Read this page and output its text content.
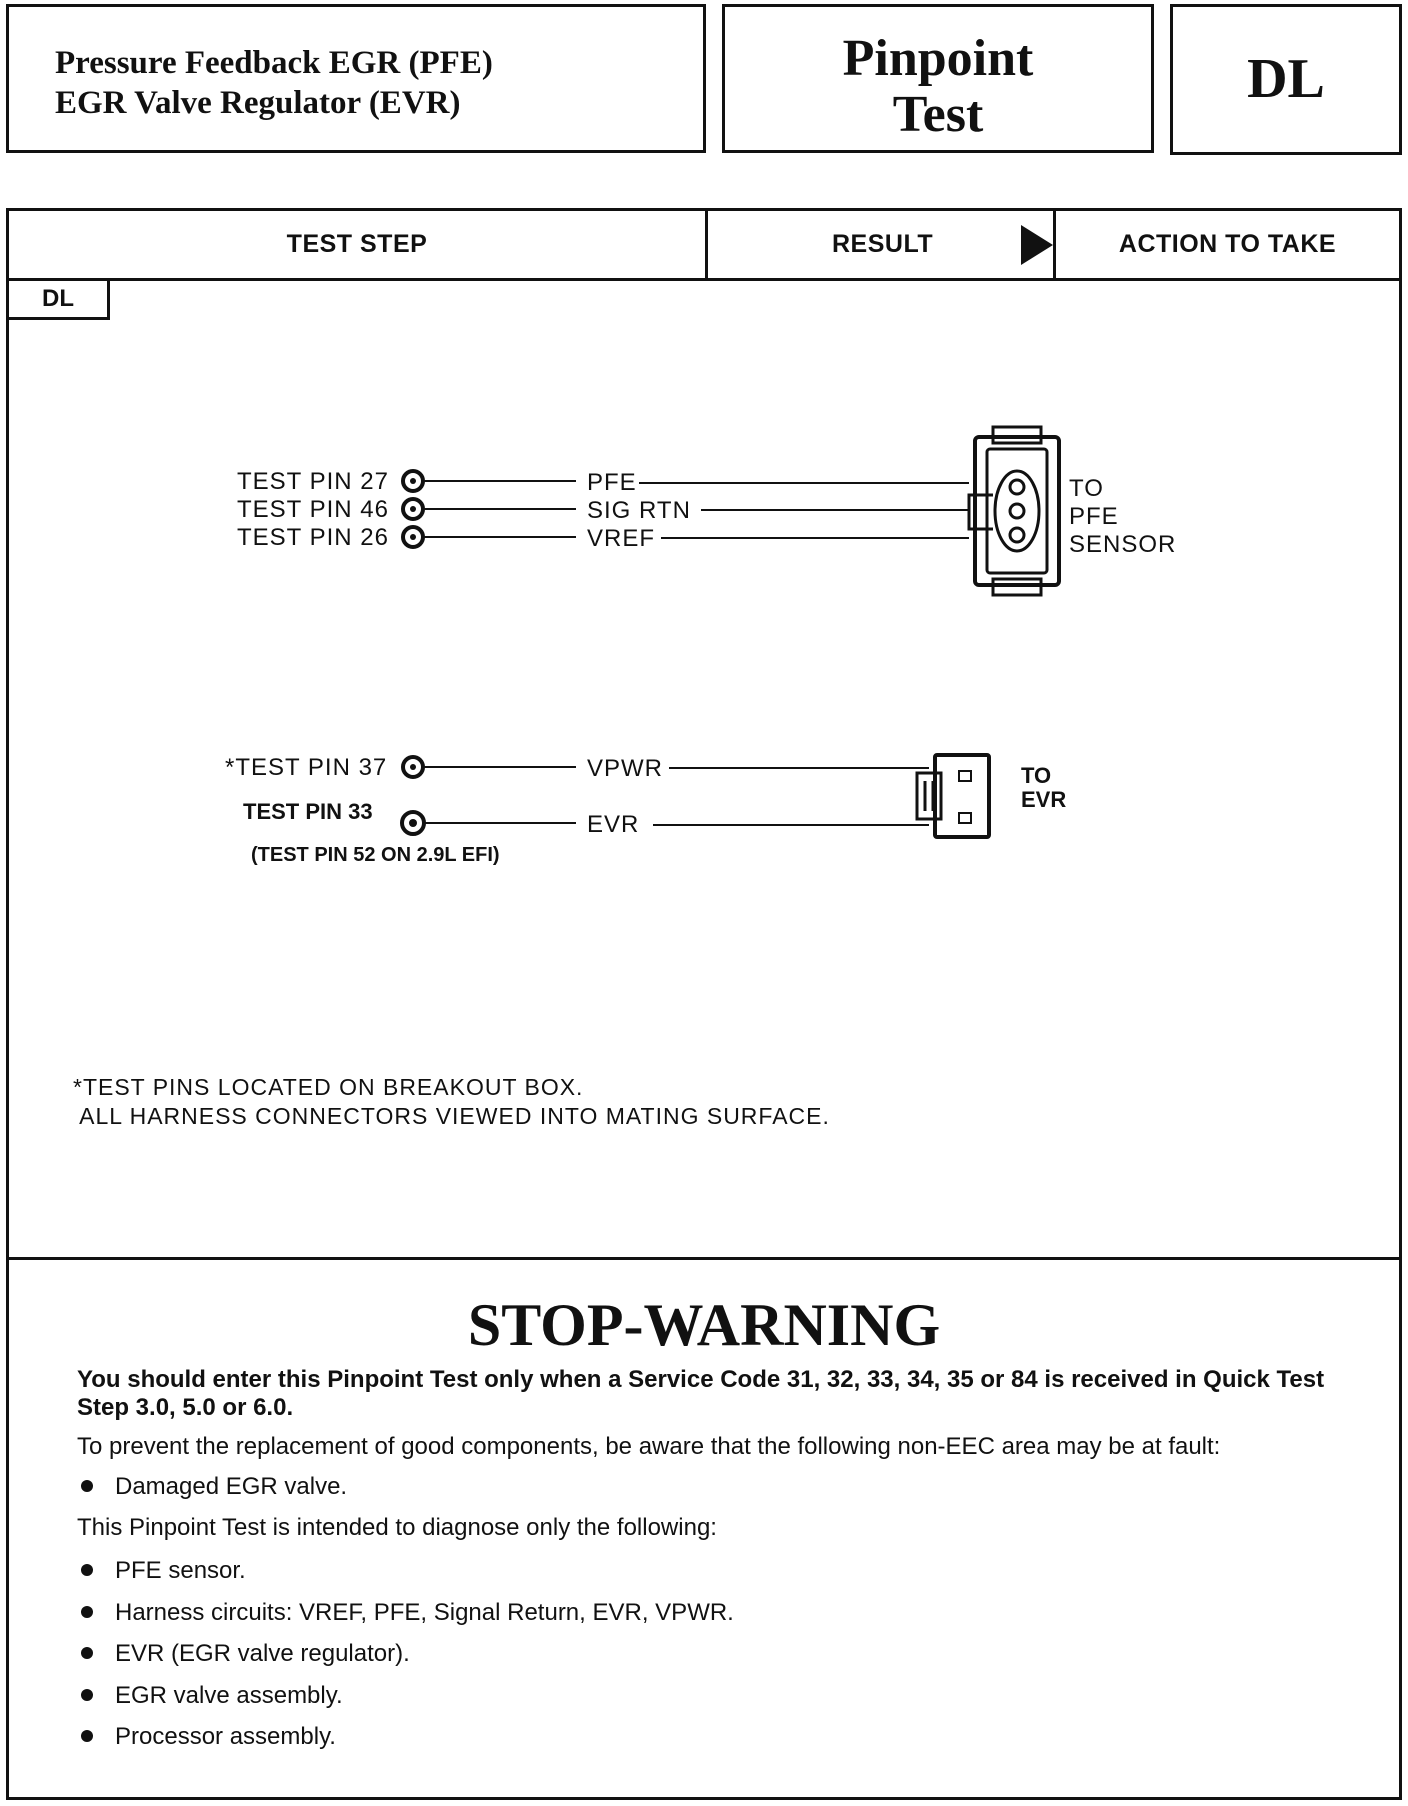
Pressure Feedback EGR (PFE)
EGR Valve Regulator (EVR)
Pinpoint
Test
DL
TEST STEP	RESULT	ACTION TO TAKE
DL
TEST PIN 27
TEST PIN 46
TEST PIN 26
PFE
SIG RTN
VREF
TO
PFE
SENSOR
*TEST PIN 37
TEST PIN 33
(TEST PIN 52 ON 2.9L EFI)
VPWR
EVR
TO
EVR
*TEST PINS LOCATED ON BREAKOUT BOX.
ALL HARNESS CONNECTORS VIEWED INTO MATING SURFACE.
STOP-WARNING
You should enter this Pinpoint Test only when a Service Code 31, 32, 33, 34, 35 or 84 is received in Quick Test Step 3.0, 5.0 or 6.0.
To prevent the replacement of good components, be aware that the following non-EEC area may be at fault:
Damaged EGR valve.
This Pinpoint Test is intended to diagnose only the following:
PFE sensor.
Harness circuits: VREF, PFE, Signal Return, EVR, VPWR.
EVR (EGR valve regulator).
EGR valve assembly.
Processor assembly.
